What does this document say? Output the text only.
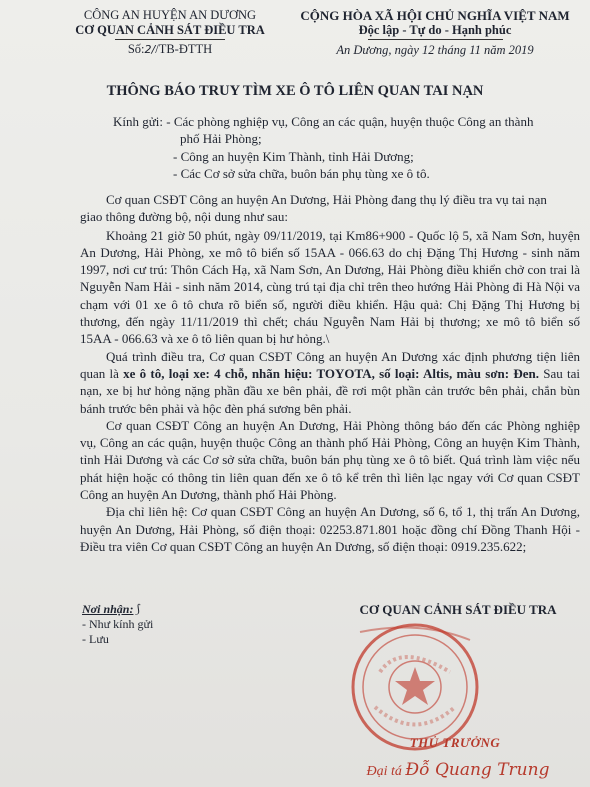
CÔNG AN HUYỆN AN DƯƠNG
CƠ QUAN CẢNH SÁT ĐIỀU TRA
Số:2//TB-ĐTTH
CỘNG HÒA XÃ HỘI CHỦ NGHĨA VIỆT NAM
Độc lập - Tự do - Hạnh phúc
An Dương, ngày 12 tháng 11 năm 2019
THÔNG BÁO TRUY TÌM XE Ô TÔ LIÊN QUAN TAI NẠN
Kính gửi:
- Các phòng nghiệp vụ, Công an các quận, huyện thuộc Công an thành
phố Hải Phòng;
- Công an huyện Kim Thành, tỉnh Hải Dương;
- Các Cơ sở sửa chữa, buôn bán phụ tùng xe ô tô.

Cơ quan CSĐT Công an huyện An Dương, Hải Phòng đang thụ lý điều tra vụ tai nạn

giao thông đường bộ, nội dung như sau:

Khoảng 21 giờ 50 phút, ngày 09/11/2019, tại Km86+900 - Quốc lộ 5, xã Nam Sơn, huyện An Dương, Hải Phòng, xe mô tô biển số 15AA - 066.63 do chị Đặng Thị Hương - sinh năm 1997, nơi cư trú: Thôn Cách Hạ, xã Nam Sơn, An Dương, Hải Phòng điều khiển chở con trai là Nguyễn Nam Hải - sinh năm 2014, cùng trú tại địa chỉ trên theo hướng Hải Phòng đi Hà Nội va chạm với 01 xe ô tô chưa rõ biển số, người điều khiển. Hậu quả: Chị Đặng Thị Hương bị thương, đến ngày 11/11/2019 thì chết; cháu Nguyễn Nam Hải bị thương; xe mô tô biển số 15AA - 066.63 và xe ô tô liên quan bị hư hỏng.\

Quá trình điều tra, Cơ quan CSĐT Công an huyện An Dương xác định phương tiện liên quan là xe ô tô, loại xe: 4 chỗ, nhãn hiệu: TOYOTA, số loại: Altis, màu sơn: Đen. Sau tai nạn, xe bị hư hỏng nặng phần đầu xe bên phải, đề rơi một phần cản trước bên phải, chắn bùn bánh trước bên phải và hộc đèn phá sương bên phải.

Cơ quan CSĐT Công an huyện An Dương, Hải Phòng thông báo đến các Phòng nghiệp vụ, Công an các quận, huyện thuộc Công an thành phố Hải Phòng, Công an huyện Kim Thành, tỉnh Hải Dương và các Cơ sở sửa chữa, buôn bán phụ tùng xe ô tô biết. Quá trình làm việc nếu phát hiện hoặc có thông tin liên quan đến xe ô tô kể trên thì liên lạc ngay với Cơ quan CSĐT Công an huyện An Dương, thành phố Hải Phòng.

Địa chỉ liên hệ: Cơ quan CSĐT Công an huyện An Dương, số 6, tổ 1, thị trấn An Dương, huyện An Dương, Hải Phòng, số điện thoại: 02253.871.801 hoặc đồng chí Đồng Thanh Hội - Điều tra viên Cơ quan CSĐT Công an huyện An Dương, số điện thoại: 0919.235.622;

Nơi nhận: ⟆
- Như kính gửi
- Lưu
CƠ QUAN CẢNH SÁT ĐIỀU TRA
THỦ TRƯỞNG
Đại tá Đỗ Quang Trung
